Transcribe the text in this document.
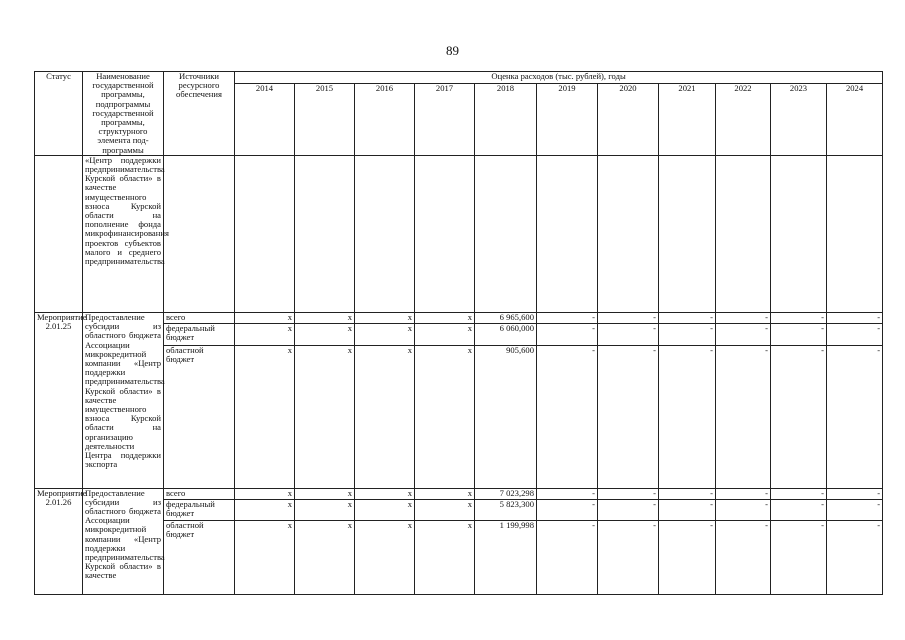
89
Статус	Наименование государственной программы, подпрограммы государственной программы, структурного элемента под-программы	Источники ресурсного обеспечения	Оценка расходов (тыс. рублей), годы										
			2014	2015	2016	2017	2018	2019	2020	2021	2022	2023	2024
	«Центр поддержки предпринимательства Курской области» в качестве имущественного взноса Курской области на пополнение фонда микрофинансирования проектов субъектов малого и среднего предпринимательства												
Мероприятие 2.01.25	Предоставление субсидии из областного бюджета Ассоциации микрокредитной компании «Центр поддержки предпринимательства Курской области» в качестве имущественного взноса Курской области на организацию деятельности Центра поддержки экспорта	всего	х	х	х	х	6 965,600	-	-	-	-	-	-
		федеральный бюджет	х	х	х	х	6 060,000	-	-	-	-	-	-
		областной бюджет	х	х	х	х	905,600	-	-	-	-	-	-
Мероприятие 2.01.26	Предоставление субсидии из областного бюджета Ассоциации микрокредитной компании «Центр поддержки предпринимательства Курской области» в качестве	всего	х	х	х	х	7 023,298	-	-	-	-	-	-
		федеральный бюджет	х	х	х	х	5 823,300	-	-	-	-	-	-
		областной бюджет	х	х	х	х	1 199,998	-	-	-	-	-	-
